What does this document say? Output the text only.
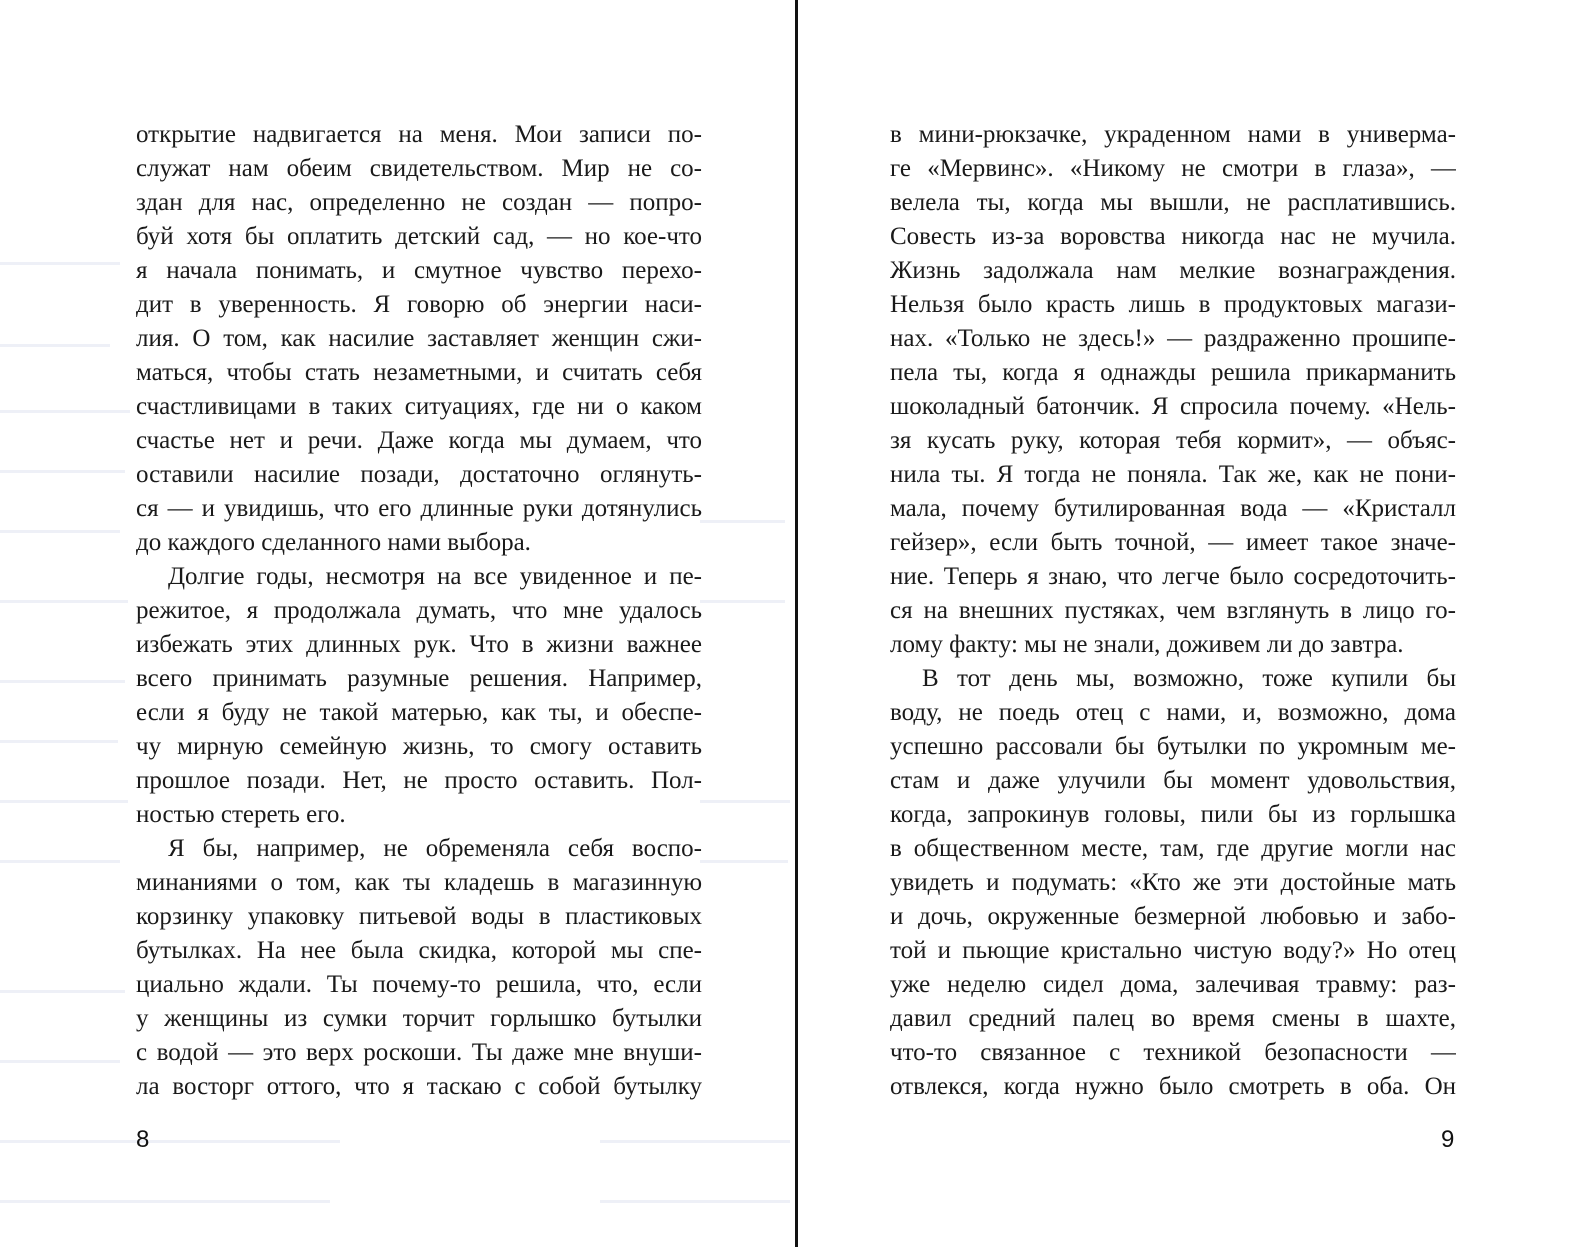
открытие надвигается на меня. Мои записи по-
служат нам обеим свидетельством. Мир не со-
здан для нас, определенно не создан — попро-
буй хотя бы оплатить детский сад, — но кое-что
я начала понимать, и смутное чувство перехо-
дит в уверенность. Я говорю об энергии наси-
лия. О том, как насилие заставляет женщин сжи-
маться, чтобы стать незаметными, и считать себя
счастливицами в таких ситуациях, где ни о каком
счастье нет и речи. Даже когда мы думаем, что
оставили насилие позади, достаточно оглянуть-
ся — и увидишь, что его длинные руки дотянулись
до каждого сделанного нами выбора.
Долгие годы, несмотря на все увиденное и пе-
режитое, я продолжала думать, что мне удалось
избежать этих длинных рук. Что в жизни важнее
всего принимать разумные решения. Например,
если я буду не такой матерью, как ты, и обеспе-
чу мирную семейную жизнь, то смогу оставить
прошлое позади. Нет, не просто оставить. Пол-
ностью стереть его.
Я бы, например, не обременяла себя воспо-
минаниями о том, как ты кладешь в магазинную
корзинку упаковку питьевой воды в пластиковых
бутылках. На нее была скидка, которой мы спе-
циально ждали. Ты почему-то решила, что, если
у женщины из сумки торчит горлышко бутылки
с водой — это верх роскоши. Ты даже мне внуши-
ла восторг оттого, что я таскаю с собой бутылку
в мини-рюкзачке, украденном нами в универма-
ге «Мервинс». «Никому не смотри в глаза», —
велела ты, когда мы вышли, не расплатившись.
Совесть из-за воровства никогда нас не мучила.
Жизнь задолжала нам мелкие вознаграждения.
Нельзя было красть лишь в продуктовых магази-
нах. «Только не здесь!» — раздраженно прошипе-
пела ты, когда я однажды решила прикарманить
шоколадный батончик. Я спросила почему. «Нель-
зя кусать руку, которая тебя кормит», — объяс-
нила ты. Я тогда не поняла. Так же, как не пони-
мала, почему бутилированная вода — «Кристалл
гейзер», если быть точной, — имеет такое значе-
ние. Теперь я знаю, что легче было сосредоточить-
ся на внешних пустяках, чем взглянуть в лицо го-
лому факту: мы не знали, доживем ли до завтра.
В тот день мы, возможно, тоже купили бы
воду, не поедь отец с нами, и, возможно, дома
успешно рассовали бы бутылки по укромным ме-
стам и даже улучили бы момент удовольствия,
когда, запрокинув головы, пили бы из горлышка
в общественном месте, там, где другие могли нас
увидеть и подумать: «Кто же эти достойные мать
и дочь, окруженные безмерной любовью и забо-
той и пьющие кристально чистую воду?» Но отец
уже неделю сидел дома, залечивая травму: раз-
давил средний палец во время смены в шахте,
что-то связанное с техникой безопасности —
отвлекся, когда нужно было смотреть в оба. Он
8	9
